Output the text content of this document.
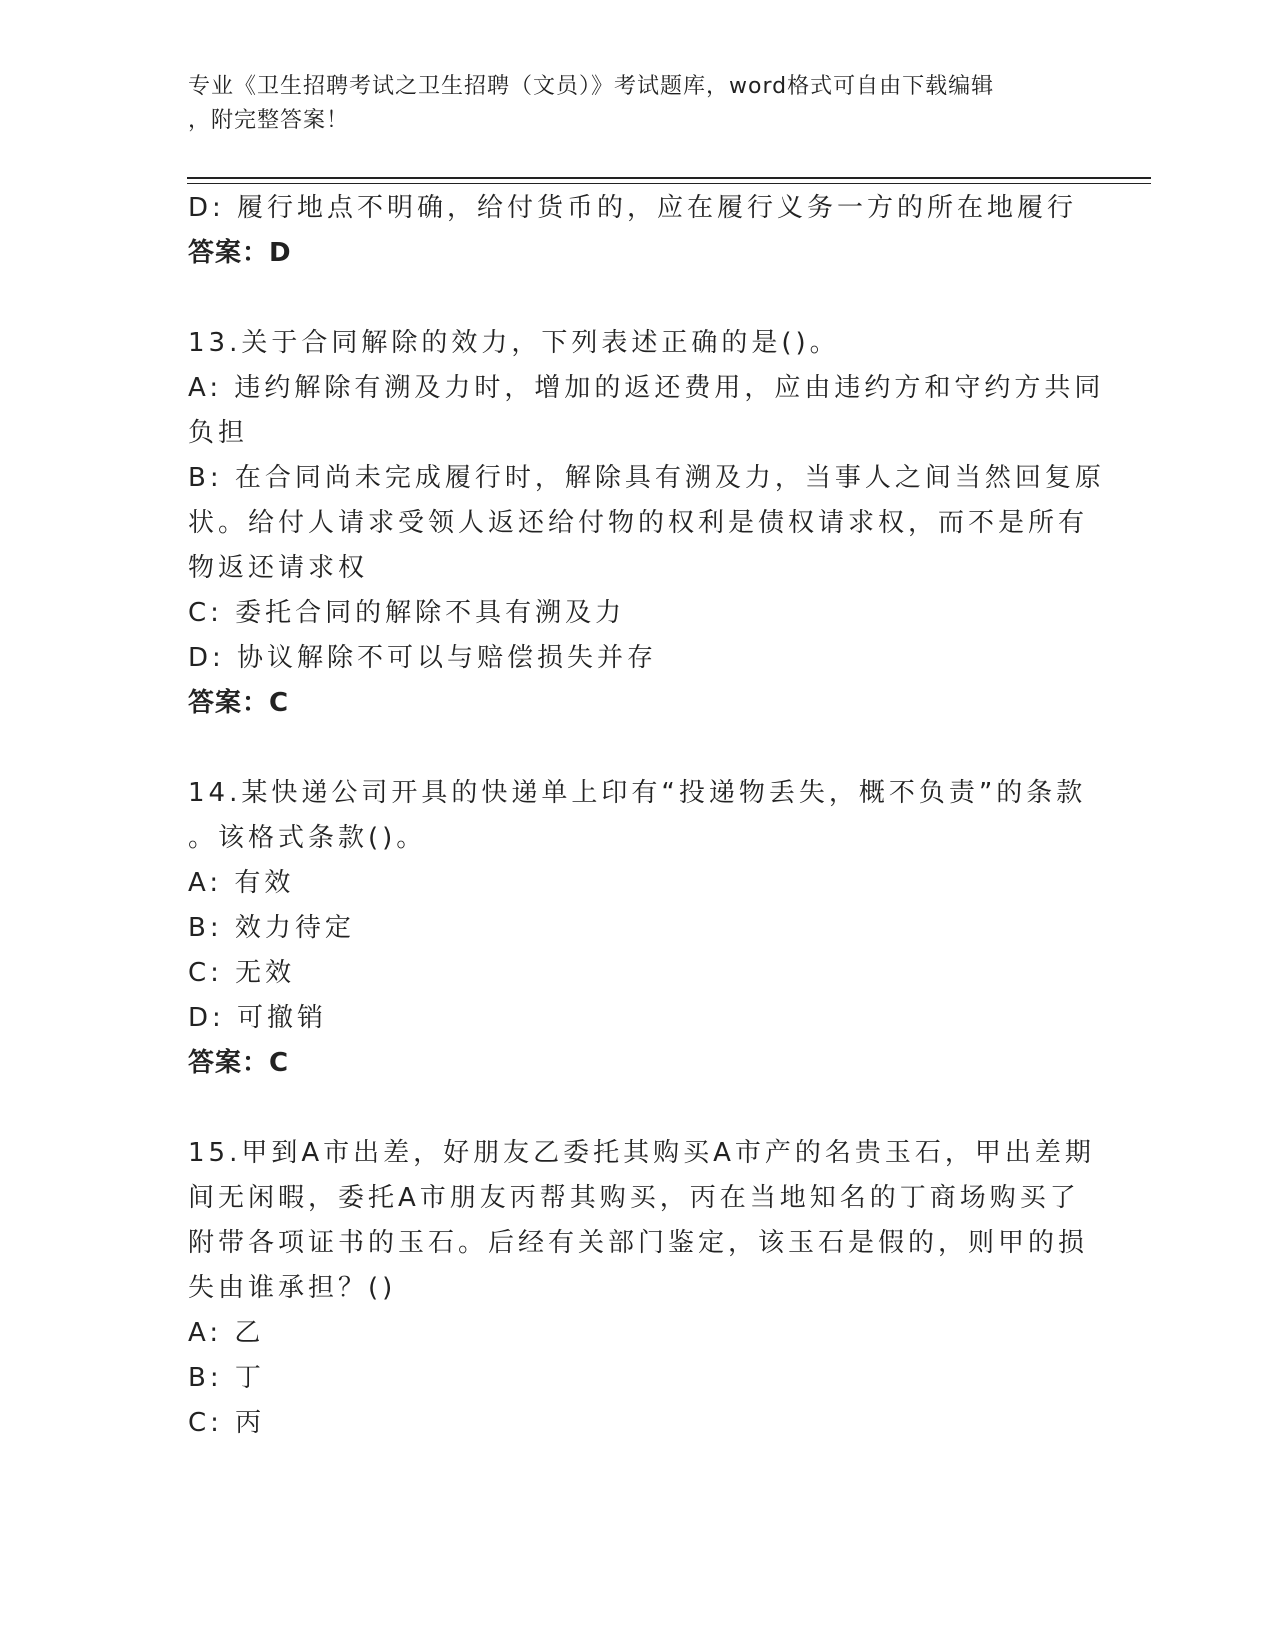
专业《卫生招聘考试之卫生招聘（文员）》考试题库，word格式可自由下载编辑
，附完整答案！
D: 履行地点不明确，给付货币的，应在履行义务一方的所在地履行
答案：D
13.关于合同解除的效力，下列表述正确的是()。
A: 违约解除有溯及力时，增加的返还费用，应由违约方和守约方共同
负担
B: 在合同尚未完成履行时，解除具有溯及力，当事人之间当然回复原
状。给付人请求受领人返还给付物的权利是债权请求权，而不是所有
物返还请求权
C: 委托合同的解除不具有溯及力
D: 协议解除不可以与赔偿损失并存
答案：C
14.某快递公司开具的快递单上印有“投递物丢失，概不负责”的条款
。该格式条款()。
A: 有效
B: 效力待定
C: 无效
D: 可撤销
答案：C
15.甲到A市出差，好朋友乙委托其购买A市产的名贵玉石，甲出差期
间无闲暇，委托A市朋友丙帮其购买，丙在当地知名的丁商场购买了
附带各项证书的玉石。后经有关部门鉴定，该玉石是假的，则甲的损
失由谁承担？()
A: 乙
B: 丁
C: 丙
